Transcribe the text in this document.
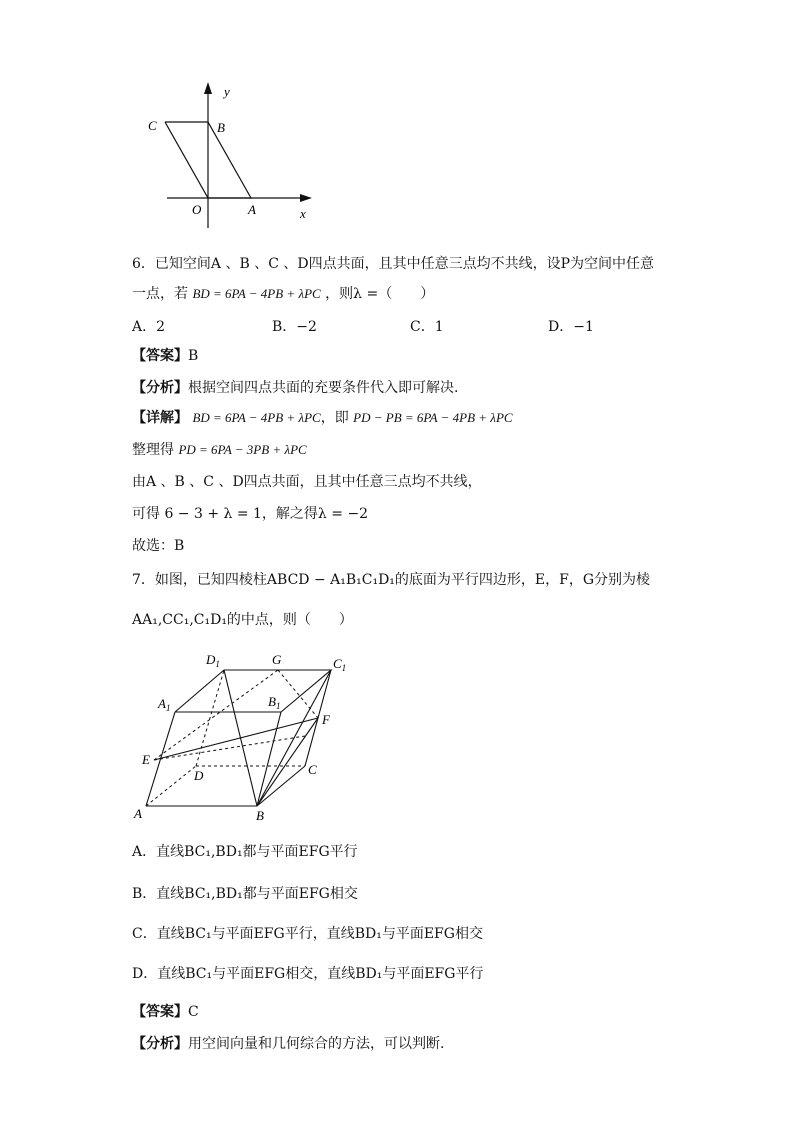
y
C	B
O	A	x
6．已知空间A 、B 、C 、D四点共面，且其中任意三点均不共线，设P为空间中任意
一点，若 BD = 6PA − 4PB + λPC ，则λ =（　　）
A．2	B．−2	C．1	D．−1
【答案】B
【分析】根据空间四点共面的充要条件代入即可解决.
【详解】 BD = 6PA − 4PB + λPC，即 PD − PB = 6PA − 4PB + λPC
整理得 PD = 6PA − 3PB + λPC
由A 、B 、C 、D四点共面，且其中任意三点均不共线，
可得 6 − 3 + λ = 1，解之得λ = −2
故选：B
7．如图，已知四棱柱ABCD − A₁B₁C₁D₁的底面为平行四边形，E，F，G分别为棱
AA₁,CC₁,C₁D₁的中点，则（　　）
$D_1$	G	$C_1$
$A_1$	$B_1$
F
E
D	C
A	B
A．直线BC₁,BD₁都与平面EFG平行
B．直线BC₁,BD₁都与平面EFG相交
C．直线BC₁与平面EFG平行，直线BD₁与平面EFG相交
D．直线BC₁与平面EFG相交，直线BD₁与平面EFG平行
【答案】C
【分析】用空间向量和几何综合的方法，可以判断.
